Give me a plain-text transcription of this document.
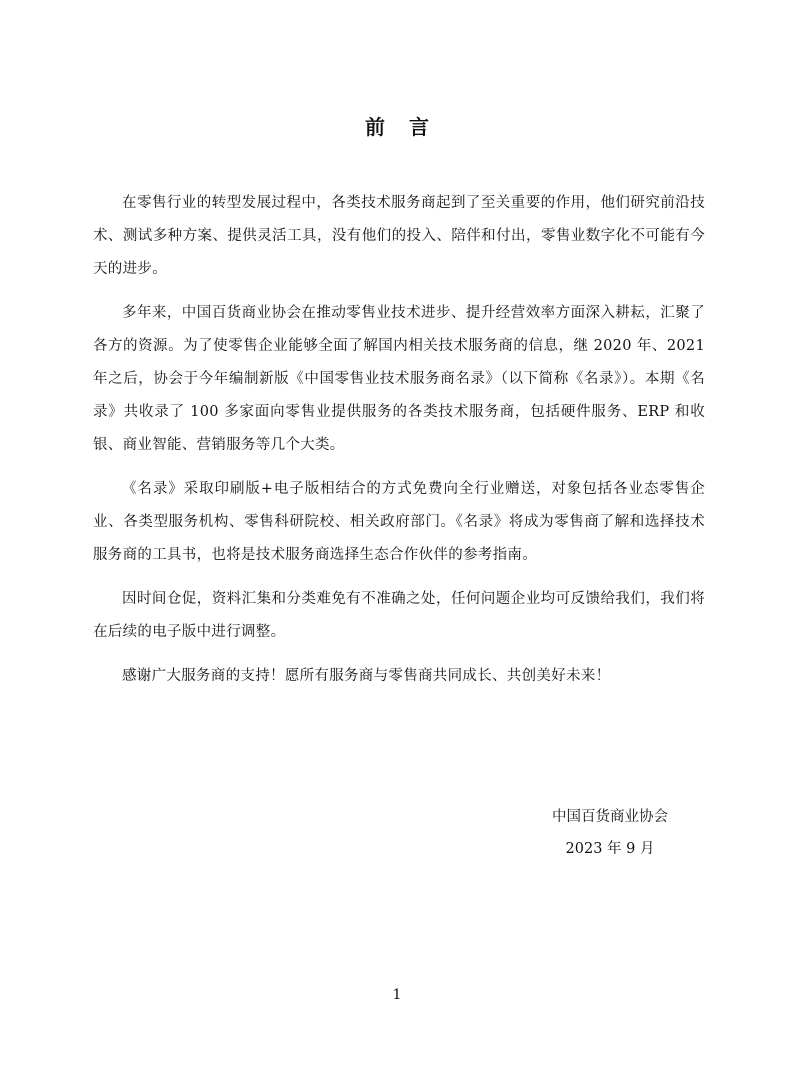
前言

在零售行业的转型发展过程中，各类技术服务商起到了至关重要的作用，他们研究前沿技术、测试多种方案、提供灵活工具，没有他们的投入、陪伴和付出，零售业数字化不可能有今天的进步。

多年来，中国百货商业协会在推动零售业技术进步、提升经营效率方面深入耕耘，汇聚了各方的资源。为了使零售企业能够全面了解国内相关技术服务商的信息，继 2020 年、2021 年之后，协会于今年编制新版《中国零售业技术服务商名录》（以下简称《名录》）。本期《名录》共收录了 100 多家面向零售业提供服务的各类技术服务商，包括硬件服务、ERP 和收银、商业智能、营销服务等几个大类。

《名录》采取印刷版+电子版相结合的方式免费向全行业赠送，对象包括各业态零售企业、各类型服务机构、零售科研院校、相关政府部门。《名录》将成为零售商了解和选择技术服务商的工具书，也将是技术服务商选择生态合作伙伴的参考指南。

因时间仓促，资料汇集和分类难免有不准确之处，任何问题企业均可反馈给我们，我们将在后续的电子版中进行调整。

感谢广大服务商的支持！愿所有服务商与零售商共同成长、共创美好未来！

中国百货商业协会
2023 年 9 月
1
